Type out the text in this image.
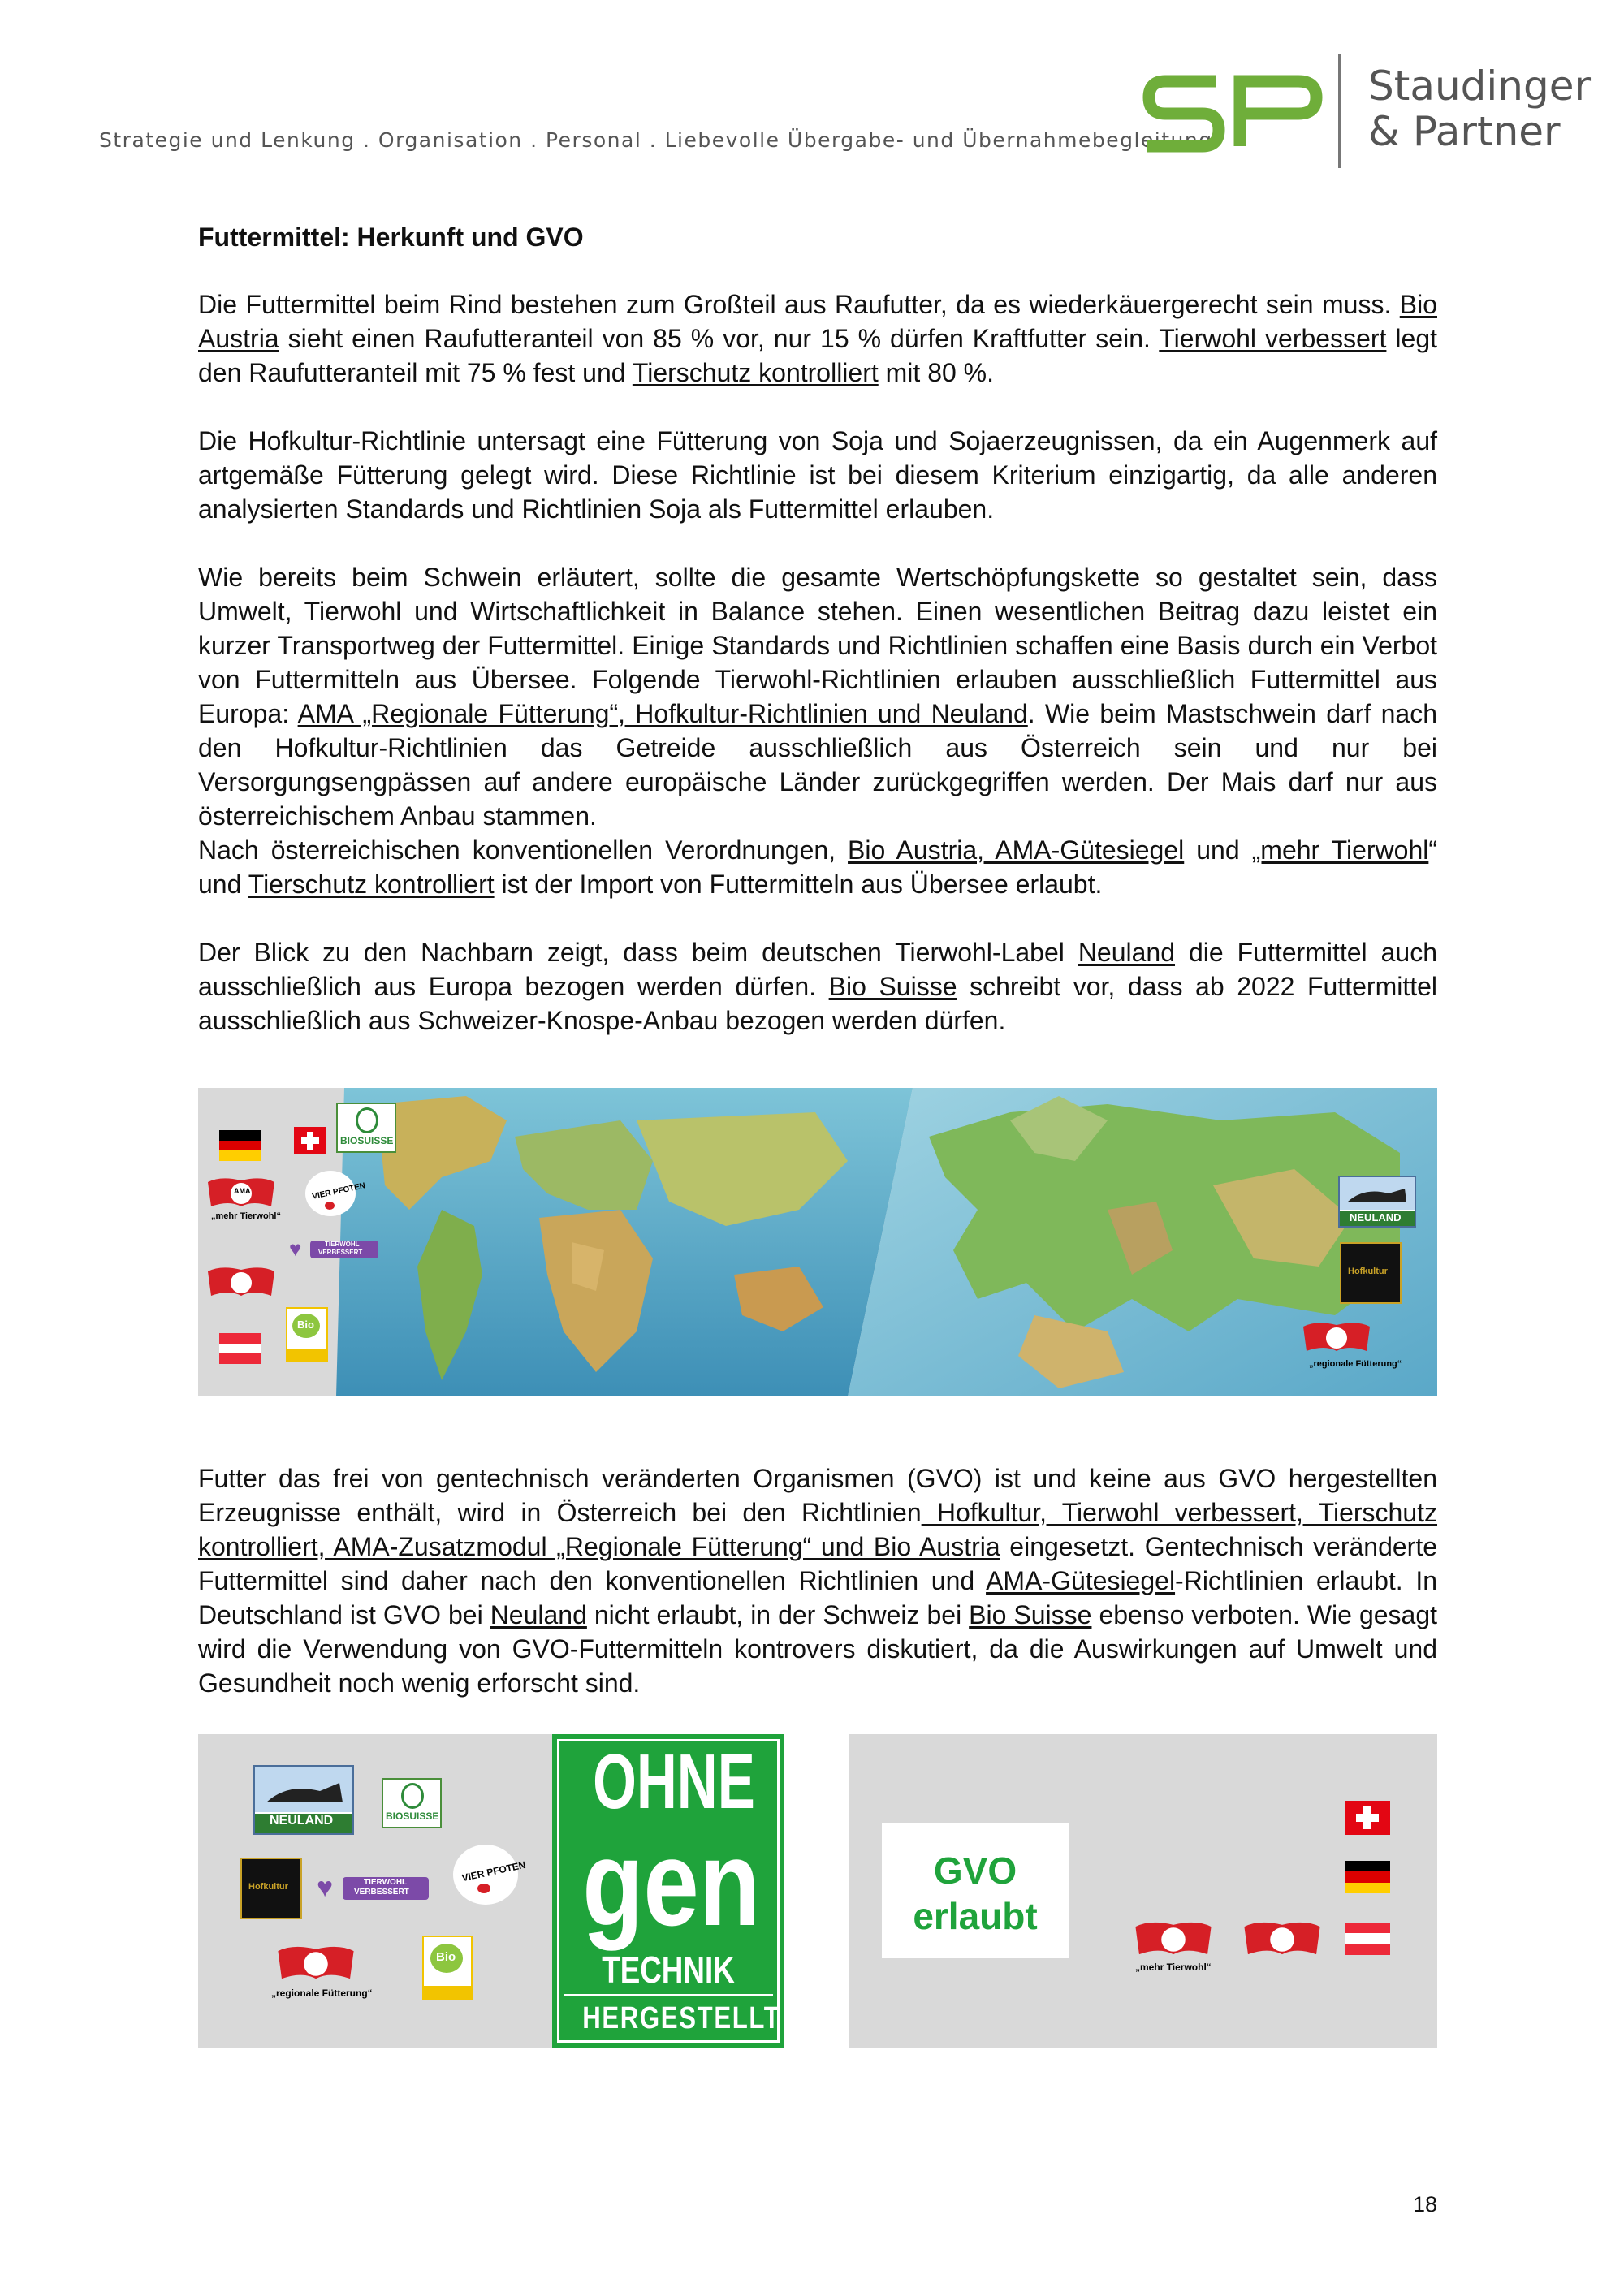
Strategie und Lenkung . Organisation . Personal . Liebevolle Übergabe- und Übernahmebegleitung
Staudinger
& Partner
Futtermittel: Herkunft und GVO
Die Futtermittel beim Rind bestehen zum Großteil aus Raufutter, da es wiederkäuergerecht sein muss. Bio Austria sieht einen Raufutteranteil von 85 % vor, nur 15 % dürfen Kraftfutter sein. Tierwohl verbessert legt den Raufutteranteil mit 75 % fest und Tierschutz kontrolliert mit 80 %.
Die Hofkultur-Richtlinie untersagt eine Fütterung von Soja und Sojaerzeugnissen, da ein Augenmerk auf artgemäße Fütterung gelegt wird. Diese Richtlinie ist bei diesem Kriterium einzigartig, da alle anderen analysierten Standards und Richtlinien Soja als Futtermittel erlauben.
Wie bereits beim Schwein erläutert, sollte die gesamte Wertschöpfungskette so gestaltet sein, dass Umwelt, Tierwohl und Wirtschaftlichkeit in Balance stehen. Einen wesentlichen Beitrag dazu leistet ein kurzer Transportweg der Futtermittel. Einige Standards und Richtlinien schaffen eine Basis durch ein Verbot von Futtermitteln aus Übersee. Folgende Tierwohl-Richtlinien erlauben ausschließlich Futtermittel aus Europa: AMA „Regionale Fütterung“, Hofkultur-Richtlinien und Neuland. Wie beim Mastschwein darf nach den Hofkultur-Richtlinien das Getreide ausschließlich aus Österreich sein und nur bei Versorgungsengpässen auf andere europäische Länder zurückgegriffen werden. Der Mais darf nur aus österreichischem Anbau stammen.
Nach österreichischen konventionellen Verordnungen, Bio Austria, AMA-Gütesiegel und „mehr Tierwohl“ und Tierschutz kontrolliert ist der Import von Futtermitteln aus Übersee erlaubt.
Der Blick zu den Nachbarn zeigt, dass beim deutschen Tierwohl-Label Neuland die Futtermittel auch ausschließlich aus Europa bezogen werden dürfen. Bio Suisse schreibt vor, dass ab 2022 Futtermittel ausschließlich aus Schweizer-Knospe-Anbau bezogen werden dürfen.
BIOSUISSE
AMA
„mehr Tierwohl“
VIER PFOTEN
♥	TIERWOHL
VERBESSERT
Bio
NEULAND
Hofkultur
„regionale Fütterung“
Futter das frei von gentechnisch veränderten Organismen (GVO) ist und keine aus GVO hergestellten Erzeugnisse enthält, wird in Österreich bei den Richtlinien Hofkultur, Tierwohl verbessert, Tierschutz kontrolliert, AMA-Zusatzmodul „Regionale Fütterung“ und Bio Austria eingesetzt. Gentechnisch veränderte Futtermittel sind daher nach den konventionellen Richtlinien und AMA-Gütesiegel-Richtlinien erlaubt. In Deutschland ist GVO bei Neuland nicht erlaubt, in der Schweiz bei Bio Suisse ebenso verboten. Wie gesagt wird die Verwendung von GVO-Futtermitteln kontrovers diskutiert, da die Auswirkungen auf Umwelt und Gesundheit noch wenig erforscht sind.
NEULAND	BIOSUISSE
VIER PFOTEN
Hofkultur ♥	TIERWOHL
VERBESSERT
„regionale Fütterung“
Bio
OHNE
gen
TECHNIK
HERGESTELLT
GVO
erlaubt
„mehr Tierwohl“
18
